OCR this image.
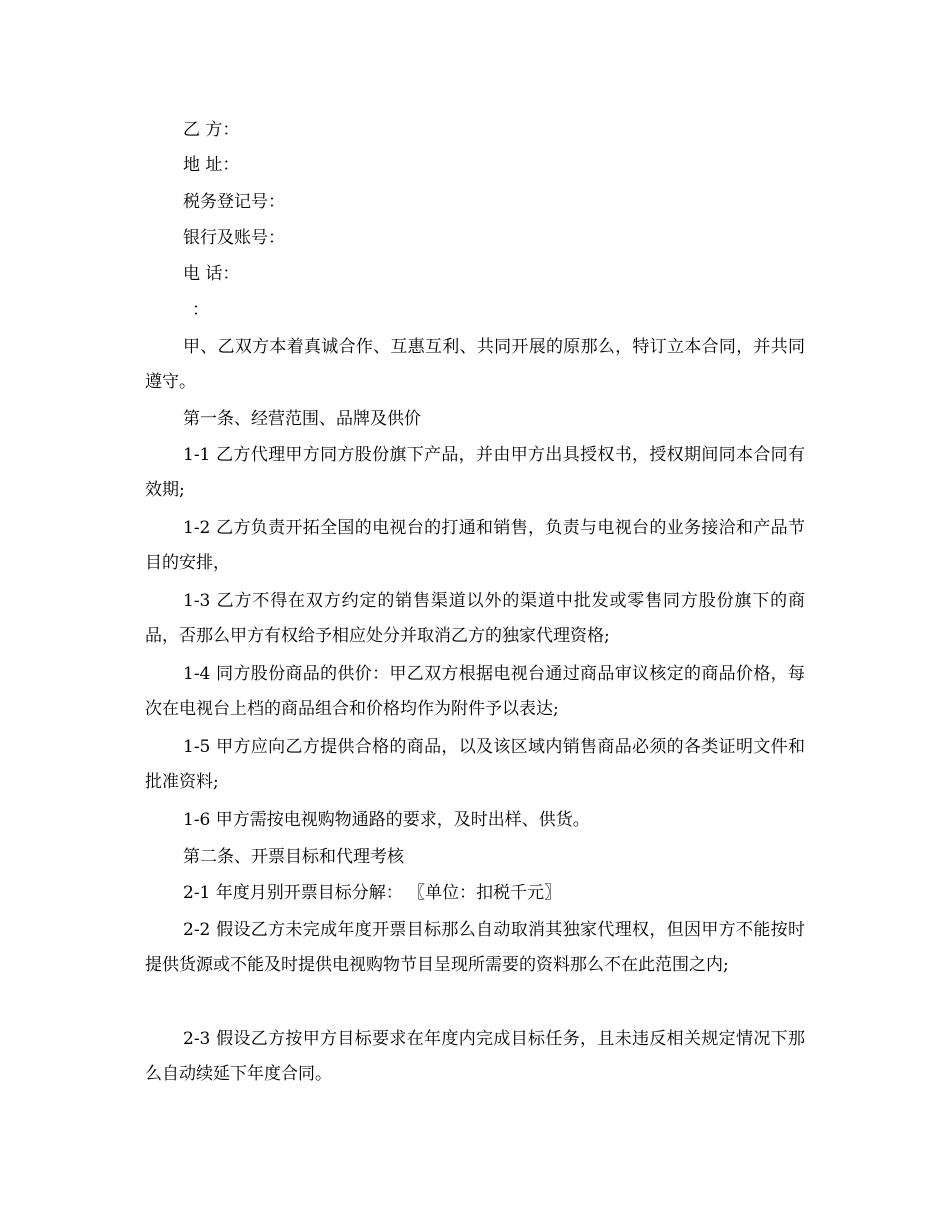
乙 方：

地 址：

税务登记号：

银行及账号：

电 话：

：

甲、乙双方本着真诚合作、互惠互利、共同开展的原那么，特订立本合同，并共同遵守。

第一条、经营范围、品牌及供价

1-1 乙方代理甲方同方股份旗下产品，并由甲方出具授权书，授权期间同本合同有效期;

1-2 乙方负责开拓全国的电视台的打通和销售，负责与电视台的业务接洽和产品节目的安排，

1-3 乙方不得在双方约定的销售渠道以外的渠道中批发或零售同方股份旗下的商品，否那么甲方有权给予相应处分并取消乙方的独家代理资格;

1-4 同方股份商品的供价：甲乙双方根据电视台通过商品审议核定的商品价格，每次在电视台上档的商品组合和价格均作为附件予以表达;

1-5 甲方应向乙方提供合格的商品，以及该区域内销售商品必须的各类证明文件和批准资料;

1-6 甲方需按电视购物通路的要求，及时出样、供货。

第二条、开票目标和代理考核

2-1 年度月别开票目标分解： 〖单位：扣税千元〗

2-2 假设乙方未完成年度开票目标那么自动取消其独家代理权，但因甲方不能按时提供货源或不能及时提供电视购物节目呈现所需要的资料那么不在此范围之内;

2-3 假设乙方按甲方目标要求在年度内完成目标任务，且未违反相关规定情况下那么自动续延下年度合同。
